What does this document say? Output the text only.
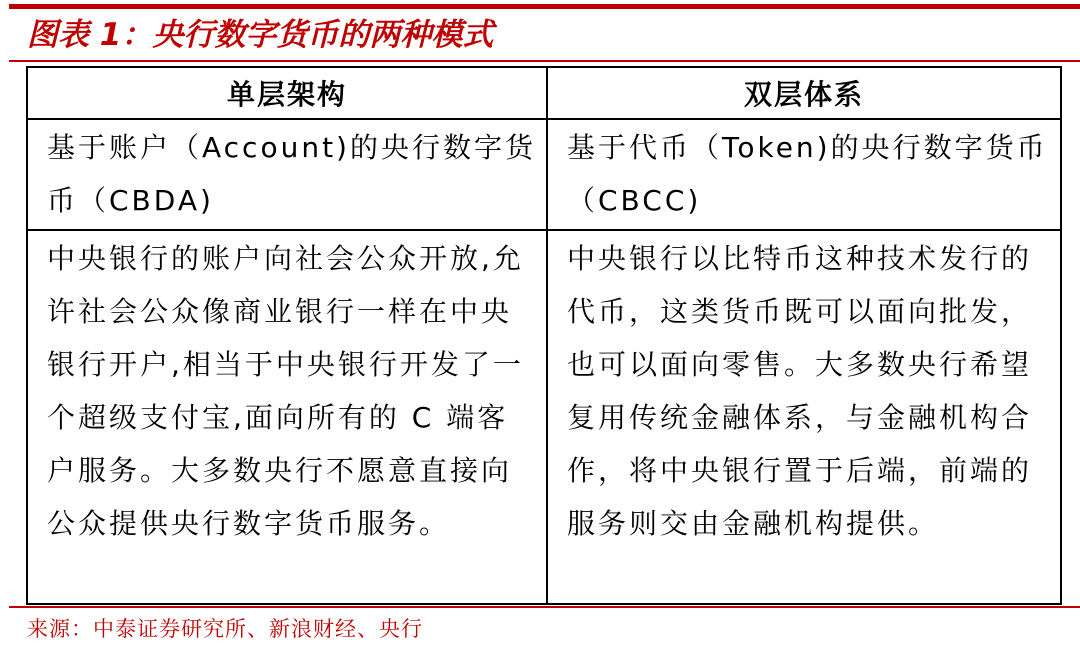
图表 1：央行数字货币的两种模式
单层架构	双层体系
基于账户（Account)的央行数字货币（CBDA)	基于代币（Token)的央行数字货币（CBCC)
中央银行的账户向社会公众开放,允许社会公众像商业银行一样在中央银行开户,相当于中央银行开发了一个超级支付宝,面向所有的 C 端客户服务。大多数央行不愿意直接向公众提供央行数字货币服务。	中央银行以比特币这种技术发行的代币，这类货币既可以面向批发，也可以面向零售。大多数央行希望复用传统金融体系，与金融机构合作，将中央银行置于后端，前端的服务则交由金融机构提供。
来源：中泰证券研究所、新浪财经、央行
